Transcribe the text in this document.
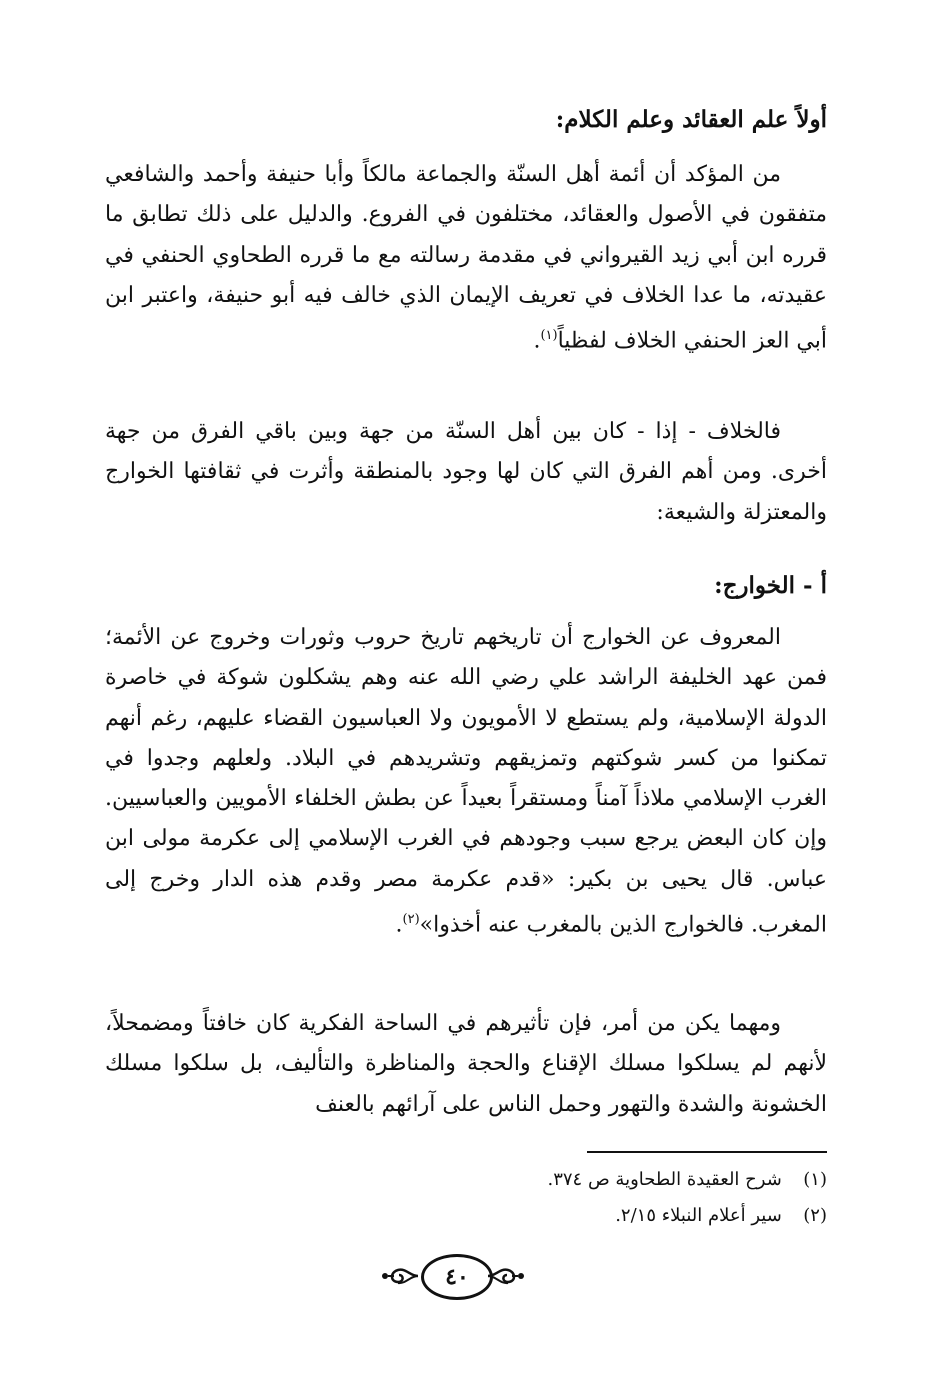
أولاً علم العقائد وعلم الكلام:
من المؤكد أن أئمة أهل السنّة والجماعة مالكاً وأبا حنيفة وأحمد والشافعي متفقون في الأصول والعقائد، مختلفون في الفروع. والدليل على ذلك تطابق ما قرره ابن أبي زيد القيرواني في مقدمة رسالته مع ما قرره الطحاوي الحنفي في عقيدته، ما عدا الخلاف في تعريف الإيمان الذي خالف فيه أبو حنيفة، واعتبر ابن أبي العز الحنفي الخلاف لفظياً$^{(١)}$.
فالخلاف - إذا - كان بين أهل السنّة من جهة وبين باقي الفرق من جهة أخرى. ومن أهم الفرق التي كان لها وجود بالمنطقة وأثرت في ثقافتها الخوارج والمعتزلة والشيعة:
أ - الخوارج:
المعروف عن الخوارج أن تاريخهم تاريخ حروب وثورات وخروج عن الأئمة؛ فمن عهد الخليفة الراشد علي رضي الله عنه وهم يشكلون شوكة في خاصرة الدولة الإسلامية، ولم يستطع لا الأمويون ولا العباسيون القضاء عليهم، رغم أنهم تمكنوا من كسر شوكتهم وتمزيقهم وتشريدهم في البلاد. ولعلهم وجدوا في الغرب الإسلامي ملاذاً آمناً ومستقراً بعيداً عن بطش الخلفاء الأمويين والعباسيين. وإن كان البعض يرجع سبب وجودهم في الغرب الإسلامي إلى عكرمة مولى ابن عباس. قال يحيى بن بكير: «قدم عكرمة مصر وقدم هذه الدار وخرج إلى المغرب. فالخوارج الذين بالمغرب عنه أخذوا»$^{(٢)}$.
ومهما يكن من أمر، فإن تأثيرهم في الساحة الفكرية كان خافتاً ومضمحلاً، لأنهم لم يسلكوا مسلك الإقناع والحجة والمناظرة والتأليف، بل سلكوا مسلك الخشونة والشدة والتهور وحمل الناس على آرائهم بالعنف
(١)  شرح العقيدة الطحاوية ص ٣٧٤.
(٢)  سير أعلام النبلاء ٢/١٥.
٤٠
